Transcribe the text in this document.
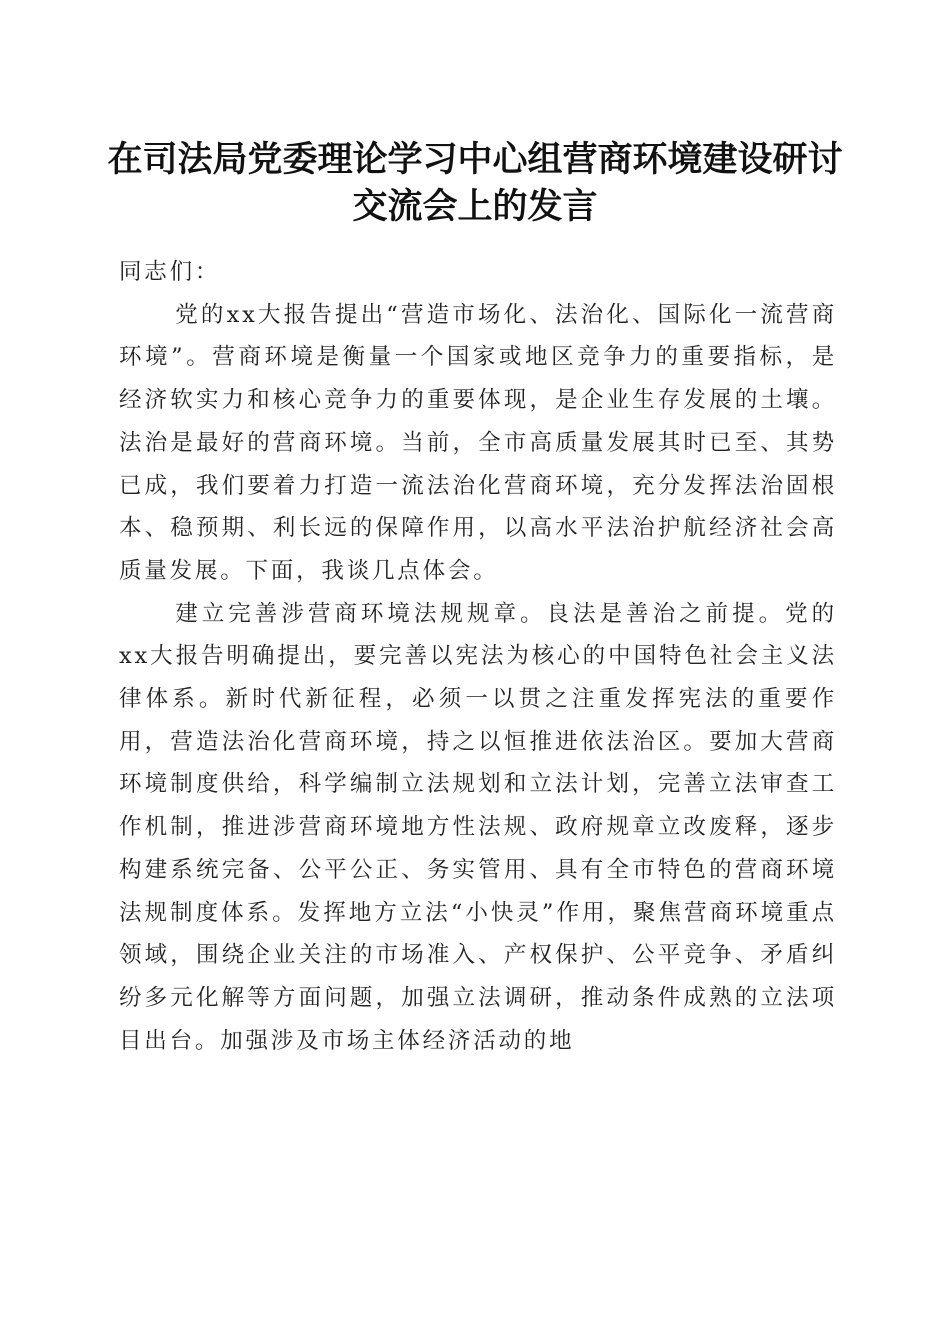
在司法局党委理论学习中心组营商环境建设研讨交流会上的发言

同志们：

党的xx大报告提出“营造市场化、法治化、国际化一流营商环境”。营商环境是衡量一个国家或地区竞争力的重要指标，是经济软实力和核心竞争力的重要体现，是企业生存发展的土壤。法治是最好的营商环境。当前，全市高质量发展其时已至、其势已成，我们要着力打造一流法治化营商环境，充分发挥法治固根本、稳预期、利长远的保障作用，以高水平法治护航经济社会高质量发展。下面，我谈几点体会。

建立完善涉营商环境法规规章。良法是善治之前提。党的xx大报告明确提出，要完善以宪法为核心的中国特色社会主义法律体系。新时代新征程，必须一以贯之注重发挥宪法的重要作用，营造法治化营商环境，持之以恒推进依法治区。要加大营商环境制度供给，科学编制立法规划和立法计划，完善立法审查工作机制，推进涉营商环境地方性法规、政府规章立改废释，逐步构建系统完备、公平公正、务实管用、具有全市特色的营商环境法规制度体系。发挥地方立法“小快灵”作用，聚焦营商环境重点领域，围绕企业关注的市场准入、产权保护、公平竞争、矛盾纠纷多元化解等方面问题，加强立法调研，推动条件成熟的立法项目出台。加强涉及市场主体经济活动的地
